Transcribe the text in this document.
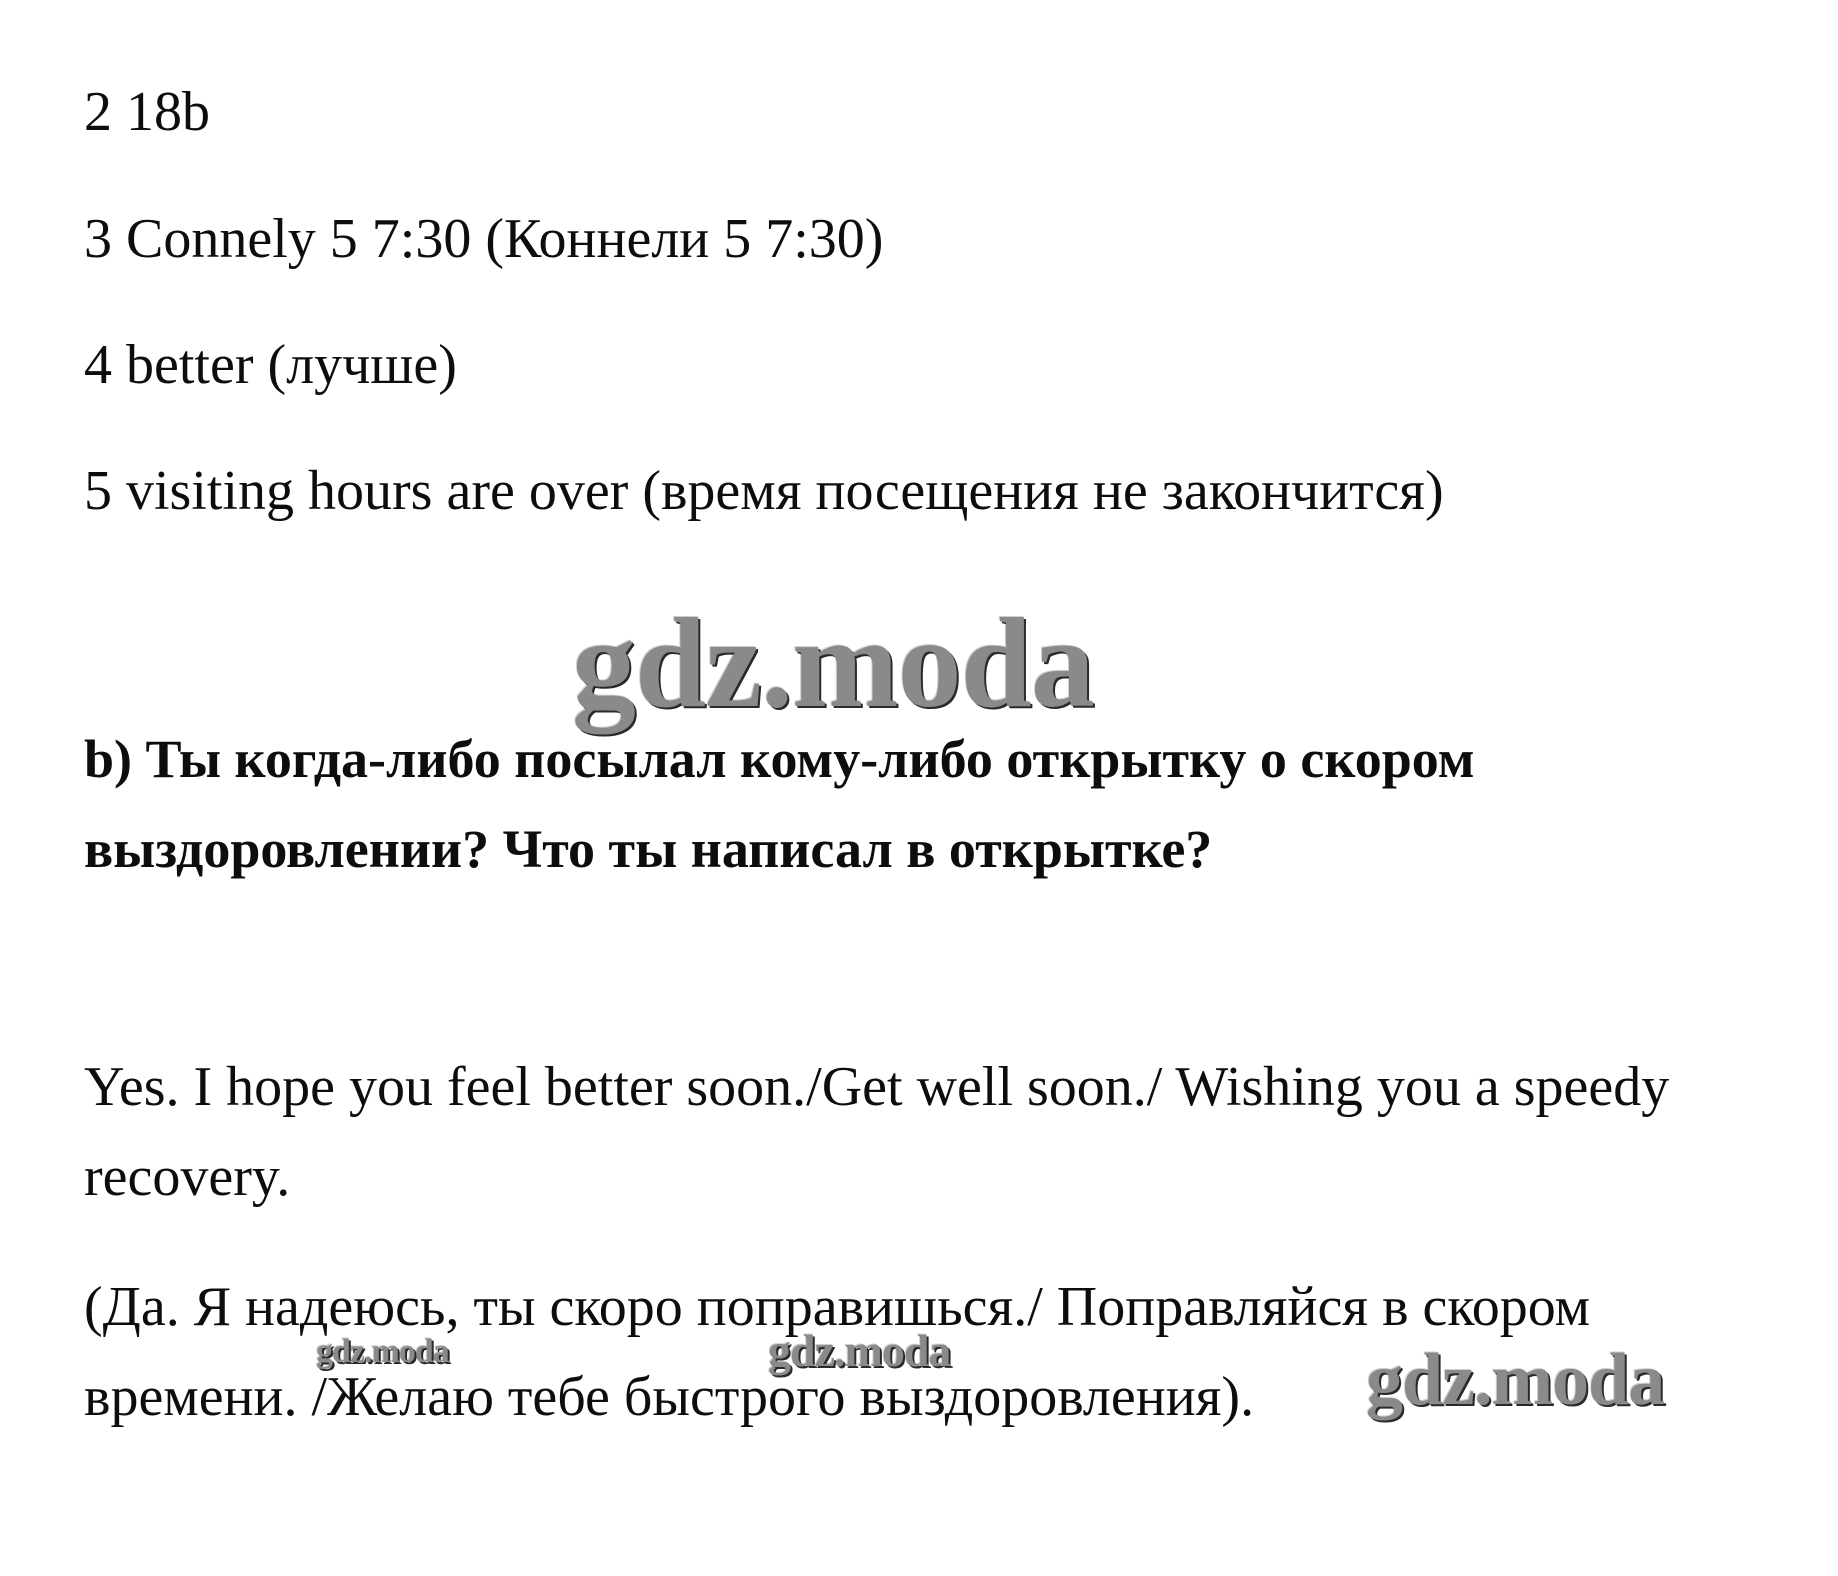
2 18b

3 Connely 5 7:30 (Коннели 5 7:30)

4 better (лучше)

5 visiting hours are over (время посещения не закончится)

gdz.moda

b) Ты когда-либо посылал кому-либо открытку о скором выздоровлении? Что ты написал в открытке?

Yes. I hope you feel better soon./Get well soon./ Wishing you a speedy recovery.

(Да. Я надеюсь, ты скоро поправишься./ Поправляйся в скором времени. /Желаю тебе быстрого выздоровления).

gdz.moda	gdz.moda	gdz.moda
